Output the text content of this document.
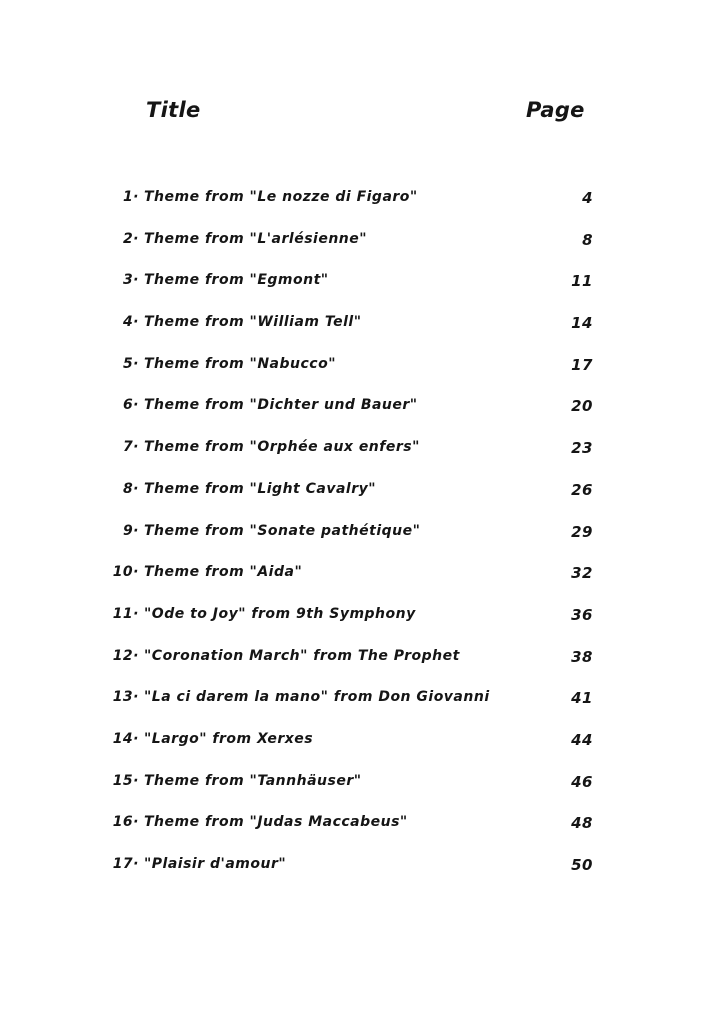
Title	Page
1· Theme from "Le nozze di Figaro"	4
2· Theme from "L'arlésienne"	8
3· Theme from "Egmont"	11
4· Theme from "William Tell"	14
5· Theme from "Nabucco"	17
6· Theme from "Dichter und Bauer"	20
7· Theme from "Orphée aux enfers"	23
8· Theme from "Light Cavalry"	26
9· Theme from "Sonate pathétique"	29
10· Theme from "Aida"	32
11· "Ode to Joy" from 9th Symphony	36
12· "Coronation March" from The Prophet	38
13· "La ci darem la mano" from Don Giovanni	41
14· "Largo" from Xerxes	44
15· Theme from "Tannhäuser"	46
16· Theme from "Judas Maccabeus"	48
17· "Plaisir d'amour"	50
